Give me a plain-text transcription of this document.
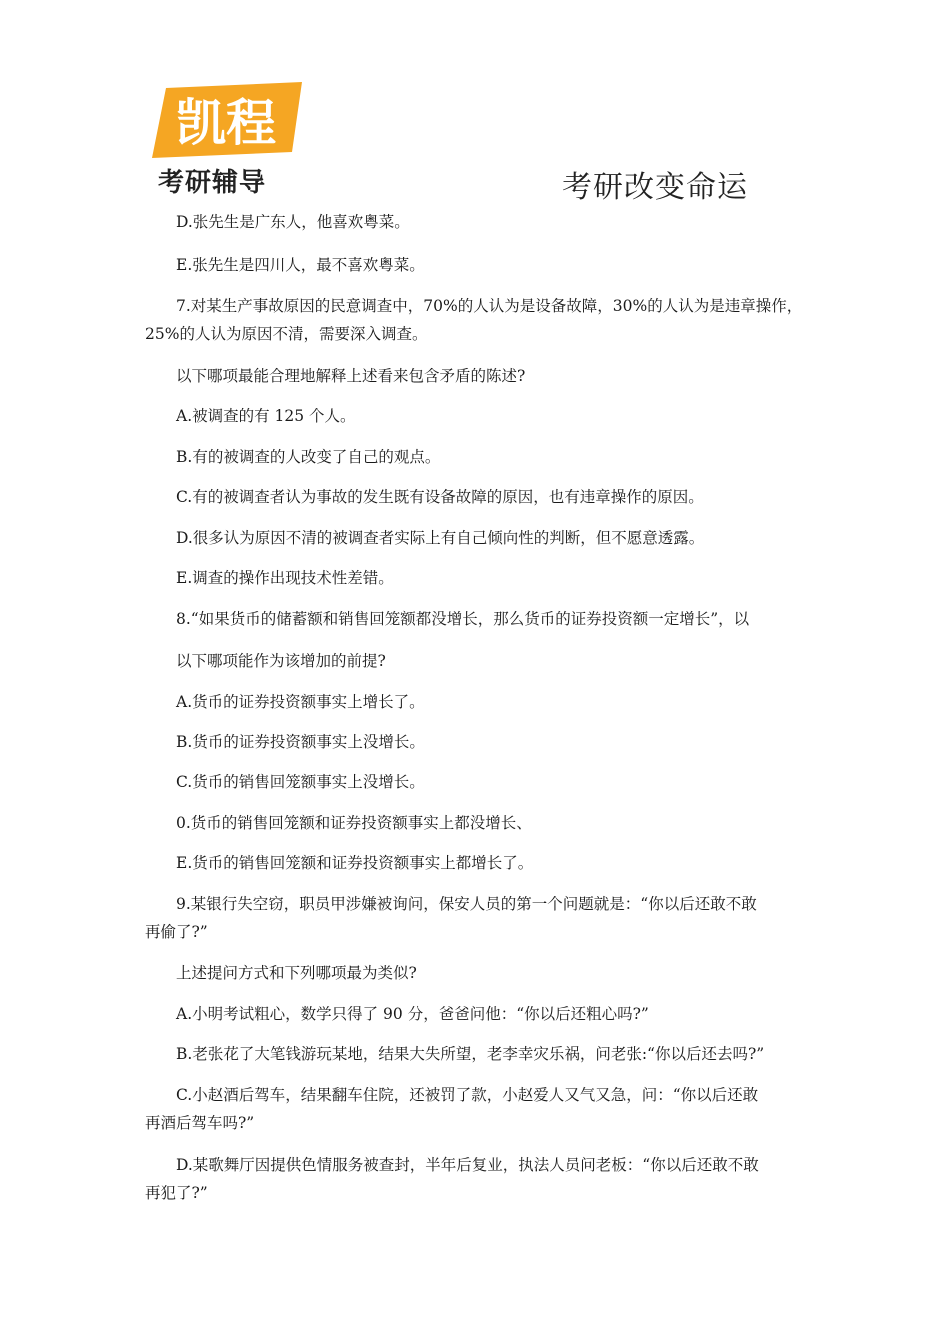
凯程
考研辅导	考研改变命运
D.张先生是广东人，他喜欢粤菜。
E.张先生是四川人，最不喜欢粤菜。
7.对某生产事故原因的民意调查中，70%的人认为是设备故障，30%的人认为是违章操作，
25%的人认为原因不清，需要深入调查。
以下哪项最能合理地解释上述看来包含矛盾的陈述?
A.被调查的有 125 个人。
B.有的被调查的人改变了自己的观点。
C.有的被调查者认为事故的发生既有设备故障的原因，也有违章操作的原因。
D.很多认为原因不清的被调查者实际上有自己倾向性的判断，但不愿意透露。
E.调查的操作出现技术性差错。
8.“如果货币的储蓄额和销售回笼额都没增长，那么货币的证券投资额一定增长”，以
以下哪项能作为该增加的前提?
A.货币的证券投资额事实上增长了。
B.货币的证券投资额事实上没增长。
C.货币的销售回笼额事实上没增长。
0.货币的销售回笼额和证券投资额事实上都没增长、
E.货币的销售回笼额和证券投资额事实上都增长了。
9.某银行失空窃，职员甲涉嫌被询问，保安人员的第一个问题就是：“你以后还敢不敢
再偷了?”
上述提问方式和下列哪项最为类似?
A.小明考试粗心，数学只得了 90 分，爸爸问他：“你以后还粗心吗?”
B.老张花了大笔钱游玩某地，结果大失所望，老李幸灾乐祸，问老张:“你以后还去吗?”
C.小赵酒后驾车，结果翻车住院，还被罚了款，小赵爱人又气又急，问：“你以后还敢
再酒后驾车吗?”
D.某歌舞厅因提供色情服务被查封，半年后复业，执法人员问老板：“你以后还敢不敢
再犯了?”
